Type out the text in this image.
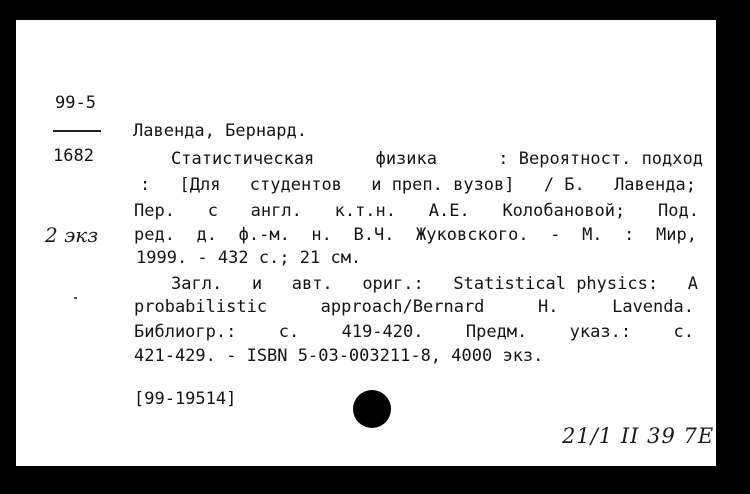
99-5
1682
2 экз
Лавенда, Бернард.
Статистическая	физика	: Вероятност. подход
: [Для студентов и преп. вузов] / Б. Лавенда;
Пер. с англ. к.т.н. А.Е. Колобановой; Под.
ред. д. ф.-м. н. В.Ч. Жуковского. - М. : Мир,
1999. - 432 с.; 21 см.
Загл. и авт. ориг.: Statistical physics: A
probabilistic	approach/Bernard	H.	Lavenda.
Библиогр.: с. 419-420. Предм. указ.: с.
421-429. - ISBN 5-03-003211-8, 4000 экз.
[99-19514]
21/1 II 39 7Е
